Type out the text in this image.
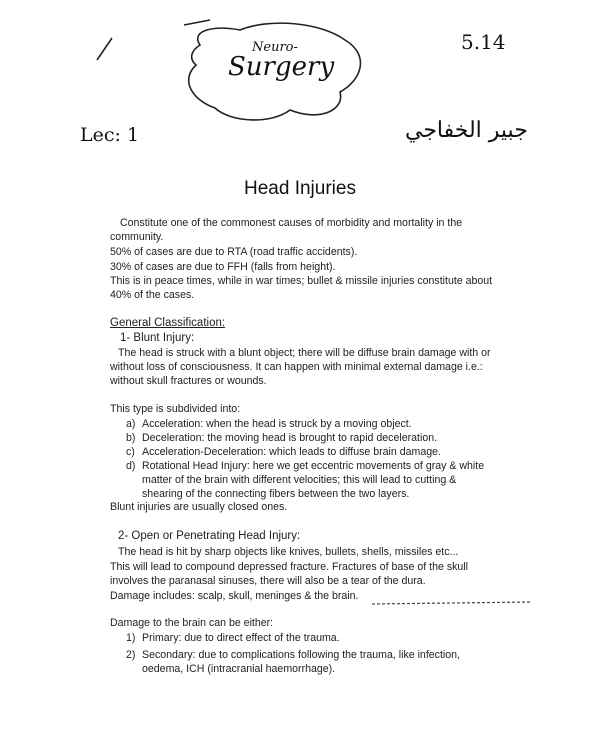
Neuro-
Surgery
5.14
Lec: 1	جبير الخفاجي
Head Injuries
Constitute one of the commonest causes of morbidity and mortality in the
community.
50% of cases are due to RTA (road traffic accidents).
30% of cases are due to FFH (falls from height).
This is in peace times, while in war times; bullet & missile injuries constitute about
40% of the cases.
General Classification:
1- Blunt Injury:
The head is struck with a blunt object; there will be diffuse brain damage with or
without loss of consciousness. It can happen with minimal external damage i.e.:
without skull fractures or wounds.
This type is subdivided into:
a) Acceleration: when the head is struck by a moving object.
b) Deceleration: the moving head is brought to rapid deceleration.
c) Acceleration-Deceleration: which leads to diffuse brain damage.
d) Rotational Head Injury: here we get eccentric movements of gray & white
matter of the brain with different velocities; this will lead to cutting &
shearing of the connecting fibers between the two layers.
Blunt injuries are usually closed ones.
2- Open or Penetrating Head Injury:
The head is hit by sharp objects like knives, bullets, shells, missiles etc...
This will lead to compound depressed fracture. Fractures of base of the skull
involves the paranasal sinuses, there will also be a tear of the dura.
Damage includes: scalp, skull, meninges & the brain.
Damage to the brain can be either:
1) Primary: due to direct effect of the trauma.
2) Secondary: due to complications following the trauma, like infection,
oedema, ICH (intracranial haemorrhage).
